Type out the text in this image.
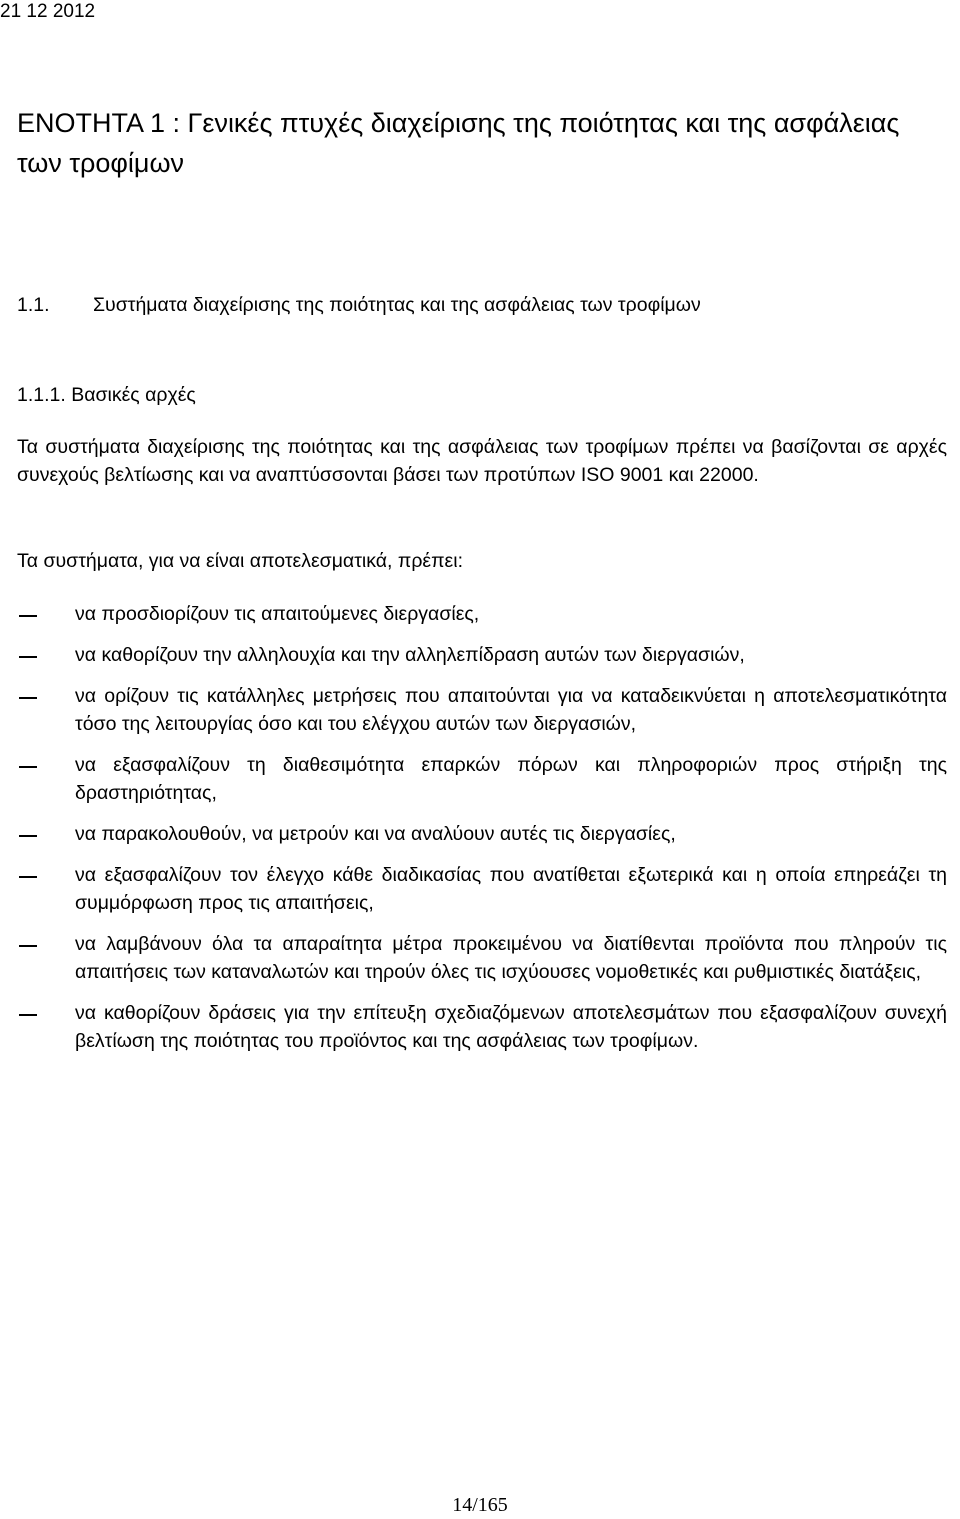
21 12 2012
ΕΝΟΤΗΤΑ 1 : Γενικές πτυχές διαχείρισης της ποιότητας και της ασφάλειας των τροφίμων
1.1. Συστήματα διαχείρισης της ποιότητας και της ασφάλειας των τροφίμων
1.1.1. Βασικές αρχές
Τα συστήματα διαχείρισης της ποιότητας και της ασφάλειας των τροφίμων πρέπει να βασίζονται σε αρχές συνεχούς βελτίωσης και να αναπτύσσονται βάσει των προτύπων ISO 9001 και 22000.
Τα συστήματα, για να είναι αποτελεσματικά, πρέπει:
να προσδιορίζουν τις απαιτούμενες διεργασίες,
να καθορίζουν την αλληλουχία και την αλληλεπίδραση αυτών των διεργασιών,
να ορίζουν τις κατάλληλες μετρήσεις που απαιτούνται για να καταδεικνύεται η αποτελεσματικότητα τόσο της λειτουργίας όσο και του ελέγχου αυτών των διεργασιών,
να εξασφαλίζουν τη διαθεσιμότητα επαρκών πόρων και πληροφοριών προς στήριξη της δραστηριότητας,
να παρακολουθούν, να μετρούν και να αναλύουν αυτές τις διεργασίες,
να εξασφαλίζουν τον έλεγχο κάθε διαδικασίας που ανατίθεται εξωτερικά και η οποία επηρεάζει τη συμμόρφωση προς τις απαιτήσεις,
να λαμβάνουν όλα τα απαραίτητα μέτρα προκειμένου να διατίθενται προϊόντα που πληρούν τις απαιτήσεις των καταναλωτών και τηρούν όλες τις ισχύουσες νομοθετικές και ρυθμιστικές διατάξεις,
να καθορίζουν δράσεις για την επίτευξη σχεδιαζόμενων αποτελεσμάτων που εξασφαλίζουν συνεχή βελτίωση της ποιότητας του προϊόντος και της ασφάλειας των τροφίμων.
14/165
